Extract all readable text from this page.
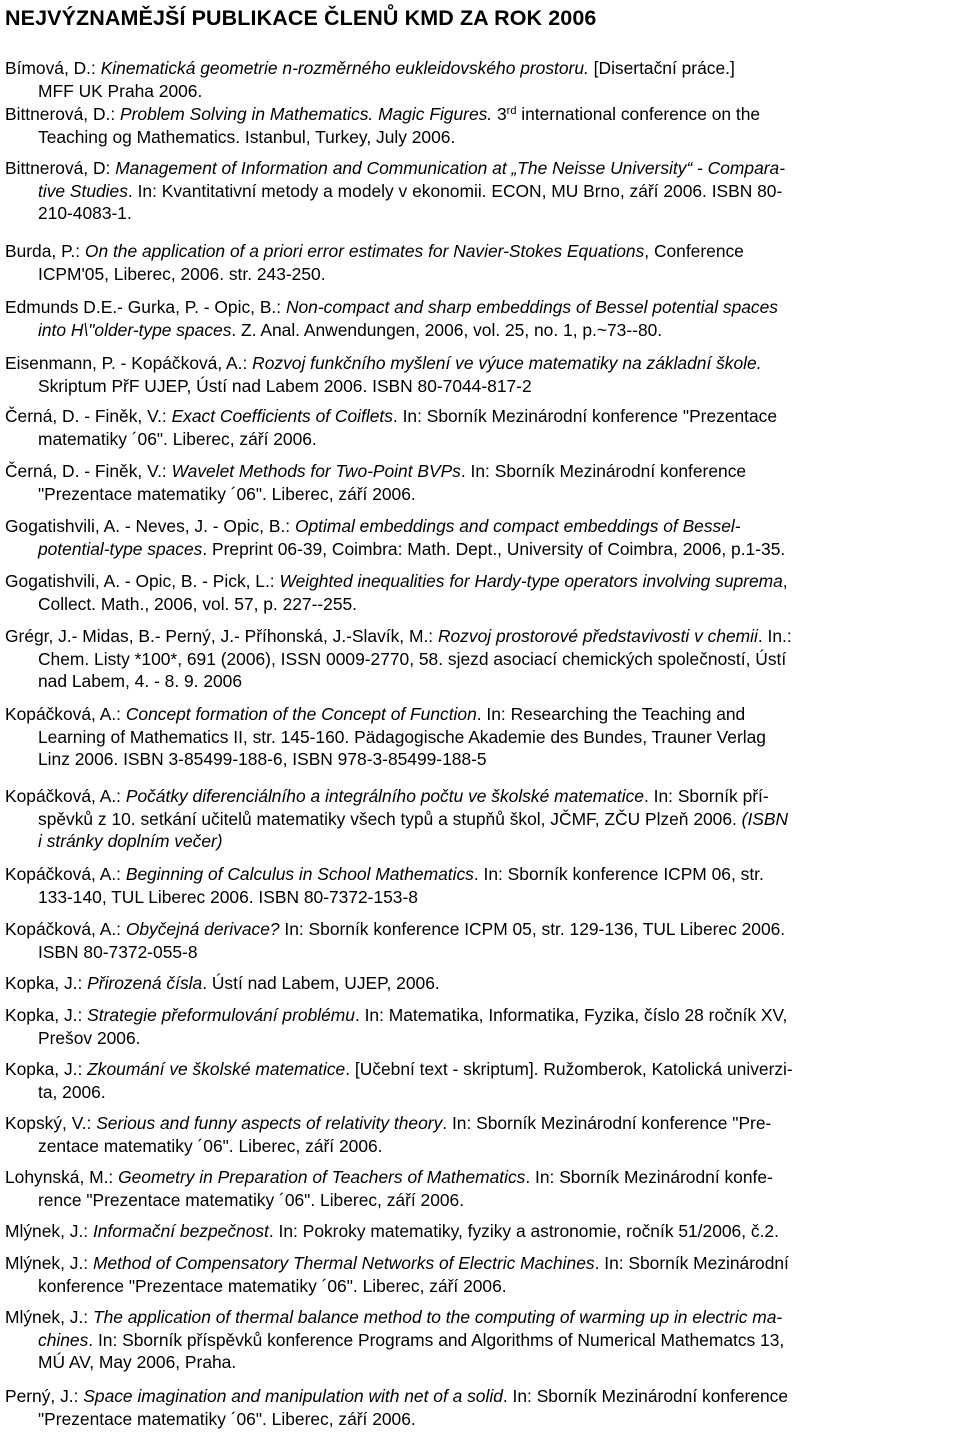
NEJVÝZNAMĚJŠÍ PUBLIKACE ČLENŮ KMD ZA ROK 2006
Bímová, D.: Kinematická geometrie n-rozměrného eukleidovského prostoru. [Disertační práce.]
MFF UK Praha 2006.
Bittnerová, D.: Problem Solving in Mathematics. Magic Figures. 3rd international conference on the
Teaching og Mathematics. Istanbul, Turkey, July 2006.
Bittnerová, D: Management of Information and Communication at „The Neisse University“ - Compara-
tive Studies. In: Kvantitativní metody a modely v ekonomii. ECON, MU Brno, září 2006. ISBN 80-
210-4083-1.
Burda, P.: On the application of a priori error estimates for Navier-Stokes Equations, Conference
ICPM'05, Liberec, 2006. str. 243-250.
Edmunds D.E.- Gurka, P. - Opic, B.: Non-compact and sharp embeddings of Bessel potential spaces
into H\"older-type spaces. Z. Anal. Anwendungen, 2006, vol. 25, no. 1, p.~73--80.
Eisenmann, P. - Kopáčková, A.: Rozvoj funkčního myšlení ve výuce matematiky na základní škole.
Skriptum PřF UJEP, Ústí nad Labem 2006. ISBN 80-7044-817-2
Černá, D. - Finěk, V.: Exact Coefficients of Coiflets. In: Sborník Mezinárodní konference "Prezentace
matematiky ´06". Liberec, září 2006.
Černá, D. - Finěk, V.: Wavelet Methods for Two-Point BVPs. In: Sborník Mezinárodní konference
"Prezentace matematiky ´06". Liberec, září 2006.
Gogatishvili, A. - Neves, J. - Opic, B.: Optimal embeddings and compact embeddings of Bessel-
potential-type spaces. Preprint 06-39, Coimbra: Math. Dept., University of Coimbra, 2006, p.1-35.
Gogatishvili, A. - Opic, B. - Pick, L.: Weighted inequalities for Hardy-type operators involving suprema,
Collect. Math., 2006, vol. 57, p. 227--255.
Grégr, J.- Midas, B.- Perný, J.- Příhonská, J.-Slavík, M.: Rozvoj prostorové představivosti v chemii. In.:
Chem. Listy *100*, 691 (2006), ISSN 0009-2770, 58. sjezd asociací chemických společností, Ústí
nad Labem, 4. - 8. 9. 2006
Kopáčková, A.: Concept formation of the Concept of Function. In: Researching the Teaching and
Learning of Mathematics II, str. 145-160. Pädagogische Akademie des Bundes, Trauner Verlag
Linz 2006. ISBN 3-85499-188-6, ISBN 978-3-85499-188-5
Kopáčková, A.: Počátky diferenciálního a integrálního počtu ve školské matematice. In: Sborník pří-
spěvků z 10. setkání učitelů matematiky všech typů a stupňů škol, JČMF, ZČU Plzeň 2006. (ISBN
i stránky doplním večer)
Kopáčková, A.: Beginning of Calculus in School Mathematics. In: Sborník konference ICPM 06, str.
133-140, TUL Liberec 2006. ISBN 80-7372-153-8
Kopáčková, A.: Obyčejná derivace? In: Sborník konference ICPM 05, str. 129-136, TUL Liberec 2006.
ISBN 80-7372-055-8
Kopka, J.: Přirozená čísla. Ústí nad Labem, UJEP, 2006.
Kopka, J.: Strategie přeformulování problému. In: Matematika, Informatika, Fyzika, číslo 28 ročník XV,
Prešov 2006.
Kopka, J.: Zkoumání ve školské matematice. [Učební text - skriptum]. Ružomberok, Katolická univerzi-
ta, 2006.
Kopský, V.: Serious and funny aspects of relativity theory. In: Sborník Mezinárodní konference "Pre-
zentace matematiky ´06". Liberec, září 2006.
Lohynská, M.: Geometry in Preparation of Teachers of Mathematics. In: Sborník Mezinárodní konfe-
rence "Prezentace matematiky ´06". Liberec, září 2006.
Mlýnek, J.: Informační bezpečnost. In: Pokroky matematiky, fyziky a astronomie, ročník 51/2006, č.2.
Mlýnek, J.: Method of Compensatory Thermal Networks of Electric Machines. In: Sborník Mezinárodní
konference "Prezentace matematiky ´06". Liberec, září 2006.
Mlýnek, J.: The application of thermal balance method to the computing of warming up in electric ma-
chines. In: Sborník příspěvků konference Programs and Algorithms of Numerical Mathematcs 13,
MÚ AV, May 2006, Praha.
Perný, J.: Space imagination and manipulation with net of a solid. In: Sborník Mezinárodní konference
"Prezentace matematiky ´06". Liberec, září 2006.
